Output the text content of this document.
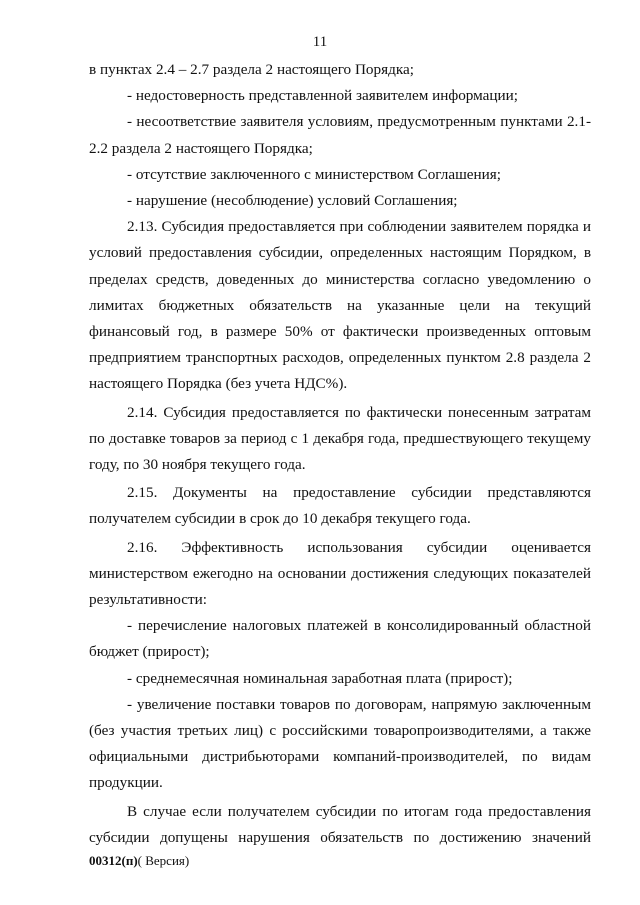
11

в пунктах 2.4 – 2.7 раздела 2 настоящего Порядка;

- недостоверность представленной заявителем информации;

- несоответствие заявителя условиям, предусмотренным пунктами 2.1-2.2 раздела 2 настоящего Порядка;

- отсутствие заключенного с министерством Соглашения;

- нарушение (несоблюдение) условий Соглашения;

2.13. Субсидия предоставляется при соблюдении заявителем порядка и условий предоставления субсидии, определенных настоящим Порядком, в пределах средств, доведенных до министерства согласно уведомлению о лимитах бюджетных обязательств на указанные цели на текущий финансовый год, в размере 50% от фактически произведенных оптовым предприятием транспортных расходов, определенных пунктом 2.8 раздела 2 настоящего Порядка (без учета НДС%).

2.14. Субсидия предоставляется по фактически понесенным затратам по доставке товаров за период с 1 декабря года, предшествующего текущему году, по 30 ноября текущего года.

2.15. Документы на предоставление субсидии представляются получателем субсидии в срок до 10 декабря текущего года.

2.16. Эффективность использования субсидии оценивается министерством ежегодно на основании достижения следующих показателей результативности:

- перечисление налоговых платежей в консолидированный областной бюджет (прирост);

- среднемесячная номинальная заработная плата (прирост);

- увеличение поставки товаров по договорам, напрямую заключенным (без участия третьих лиц) с российскими товаропроизводителями, а также официальными дистрибьюторами компаний-производителей, по видам продукции.

В случае если получателем субсидии по итогам года предоставления субсидии допущены нарушения обязательств по достижению значений

00312(п)( Версия)
